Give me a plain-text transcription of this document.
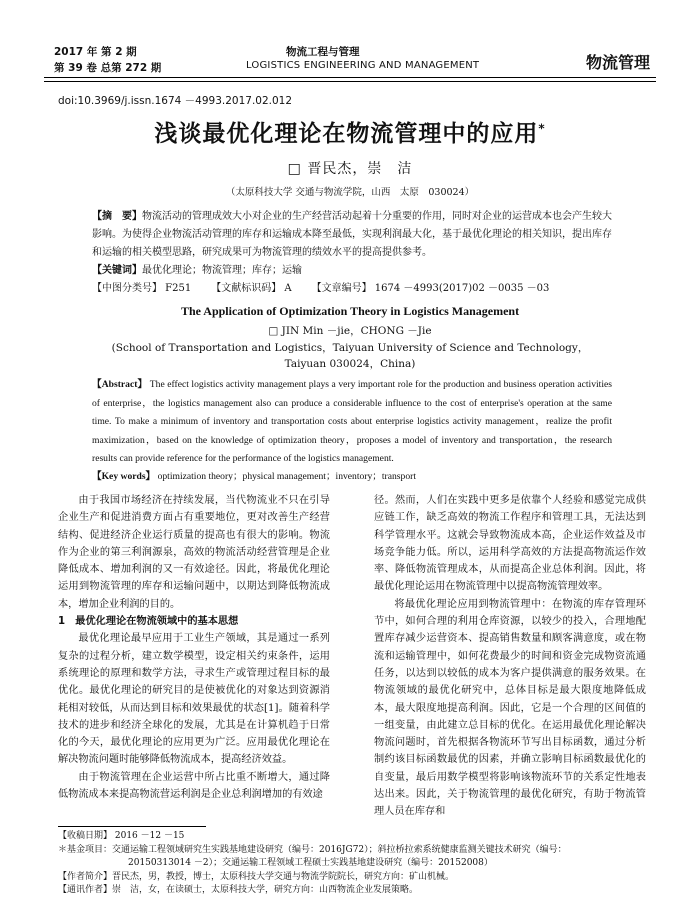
2017 年 第 2 期
第 39 卷 总第 272 期
物流工程与管理
LOGISTICS ENGINEERING AND MANAGEMENT	物流管理
doi:10.3969/j.issn.1674 －4993.2017.02.012
浅谈最优化理论在物流管理中的应用*
□ 晋民杰，崇　洁
（太原科技大学 交通与物流学院，山西　太原　030024）
【摘　要】物流活动的管理成效大小对企业的生产经营活动起着十分重要的作用，同时对企业的运营成本也会产生较大影响。为使得企业物流活动管理的库存和运输成本降至最低，实现利润最大化，基于最优化理论的相关知识，提出库存和运输的相关模型思路，研究成果可为物流管理的绩效水平的提高提供参考。
【关键词】最优化理论；物流管理；库存；运输
【中图分类号】 F251 【文献标识码】 A 【文章编号】 1674 －4993(2017)02 －0035 －03
The Application of Optimization Theory in Logistics Management
□ JIN Min －jie，CHONG －Jie
(School of Transportation and Logistics，Taiyuan University of Science and Technology，
Taiyuan 030024，China)
【Abstract】 The effect logistics activity management plays a very important role for the production and business operation activities of enterprise，the logistics management also can produce a considerable influence to the cost of enterprise's operation at the same time. To make a minimum of inventory and transportation costs about enterprise logistics activity management，realize the profit maximization，based on the knowledge of optimization theory，proposes a model of inventory and transportation，the research results can provide reference for the performance of the logistics management.
【Key words】 optimization theory；physical management；inventory；transport

由于我国市场经济在持续发展，当代物流业不只在引导企业生产和促进消费方面占有重要地位，更对改善生产经营结构、促进经济企业运行质量的提高也有很大的影响。物流作为企业的第三利润源泉，高效的物流活动经营管理是企业降低成本、增加利润的又一有效途径。因此，将最优化理论运用到物流管理的库存和运输问题中，以期达到降低物流成本，增加企业利润的目的。

1　最优化理论在物流领域中的基本思想

最优化理论最早应用于工业生产领域，其是通过一系列复杂的过程分析，建立数学模型，设定相关约束条件，运用系统理论的原理和数学方法，寻求生产或管理过程目标的最优化。最优化理论的研究目的是使被优化的对象达到资源消耗相对较低，从而达到目标和效果最优的状态[1]。随着科学技术的进步和经济全球化的发展，尤其是在计算机趋于日常化的今天，最优化理论的应用更为广泛。应用最优化理论在解决物流问题时能够降低物流成本，提高经济效益。

由于物流管理在企业运营中所占比重不断增大，通过降低物流成本来提高物流营运利润是企业总利润增加的有效途

径。然而，人们在实践中更多是依靠个人经验和感觉完成供应链工作，缺乏高效的物流工作程序和管理工具，无法达到科学管理水平。这就会导致物流成本高，企业运作效益及市场竞争能力低。所以，运用科学高效的方法提高物流运作效率、降低物流管理成本，从而提高企业总体利润。因此，将最优化理论运用在物流管理中以提高物流管理效率。

将最优化理论应用到物流管理中：在物流的库存管理环节中，如何合理的利用仓库资源，以较少的投入，合理地配置库存减少运营资本、提高销售数量和顾客满意度，或在物流和运输管理中，如何花费最少的时间和资金完成物资流通任务，以达到以较低的成本为客户提供满意的服务效果。在物流领域的最优化研究中，总体目标是最大限度地降低成本，最大限度地提高利润。因此，它是一个合理的区间值的一组变量，由此建立总目标的优化。在运用最优化理论解决物流问题时，首先根据各物流环节写出目标函数，通过分析制约该目标函数最优的因素，并确立影响目标函数最优化的自变量，最后用数学模型将影响该物流环节的关系定性地表达出来。因此，关于物流管理的最优化研究，有助于物流管理人员在库存和

【收稿日期】 2016 －12 －15
＊基金项目：交通运输工程领域研究生实践基地建设研究（编号：2016JG72）；斜拉桥拉索系统健康监测关键技术研究（编号：
20150313014 －2）；交通运输工程领域工程硕士实践基地建设研究（编号：20152008）
【作者简介】晋民杰，男，教授，博士，太原科技大学交通与物流学院院长，研究方向：矿山机械。
【通讯作者】崇　洁，女，在读硕士，太原科技大学，研究方向：山西物流企业发展策略。
